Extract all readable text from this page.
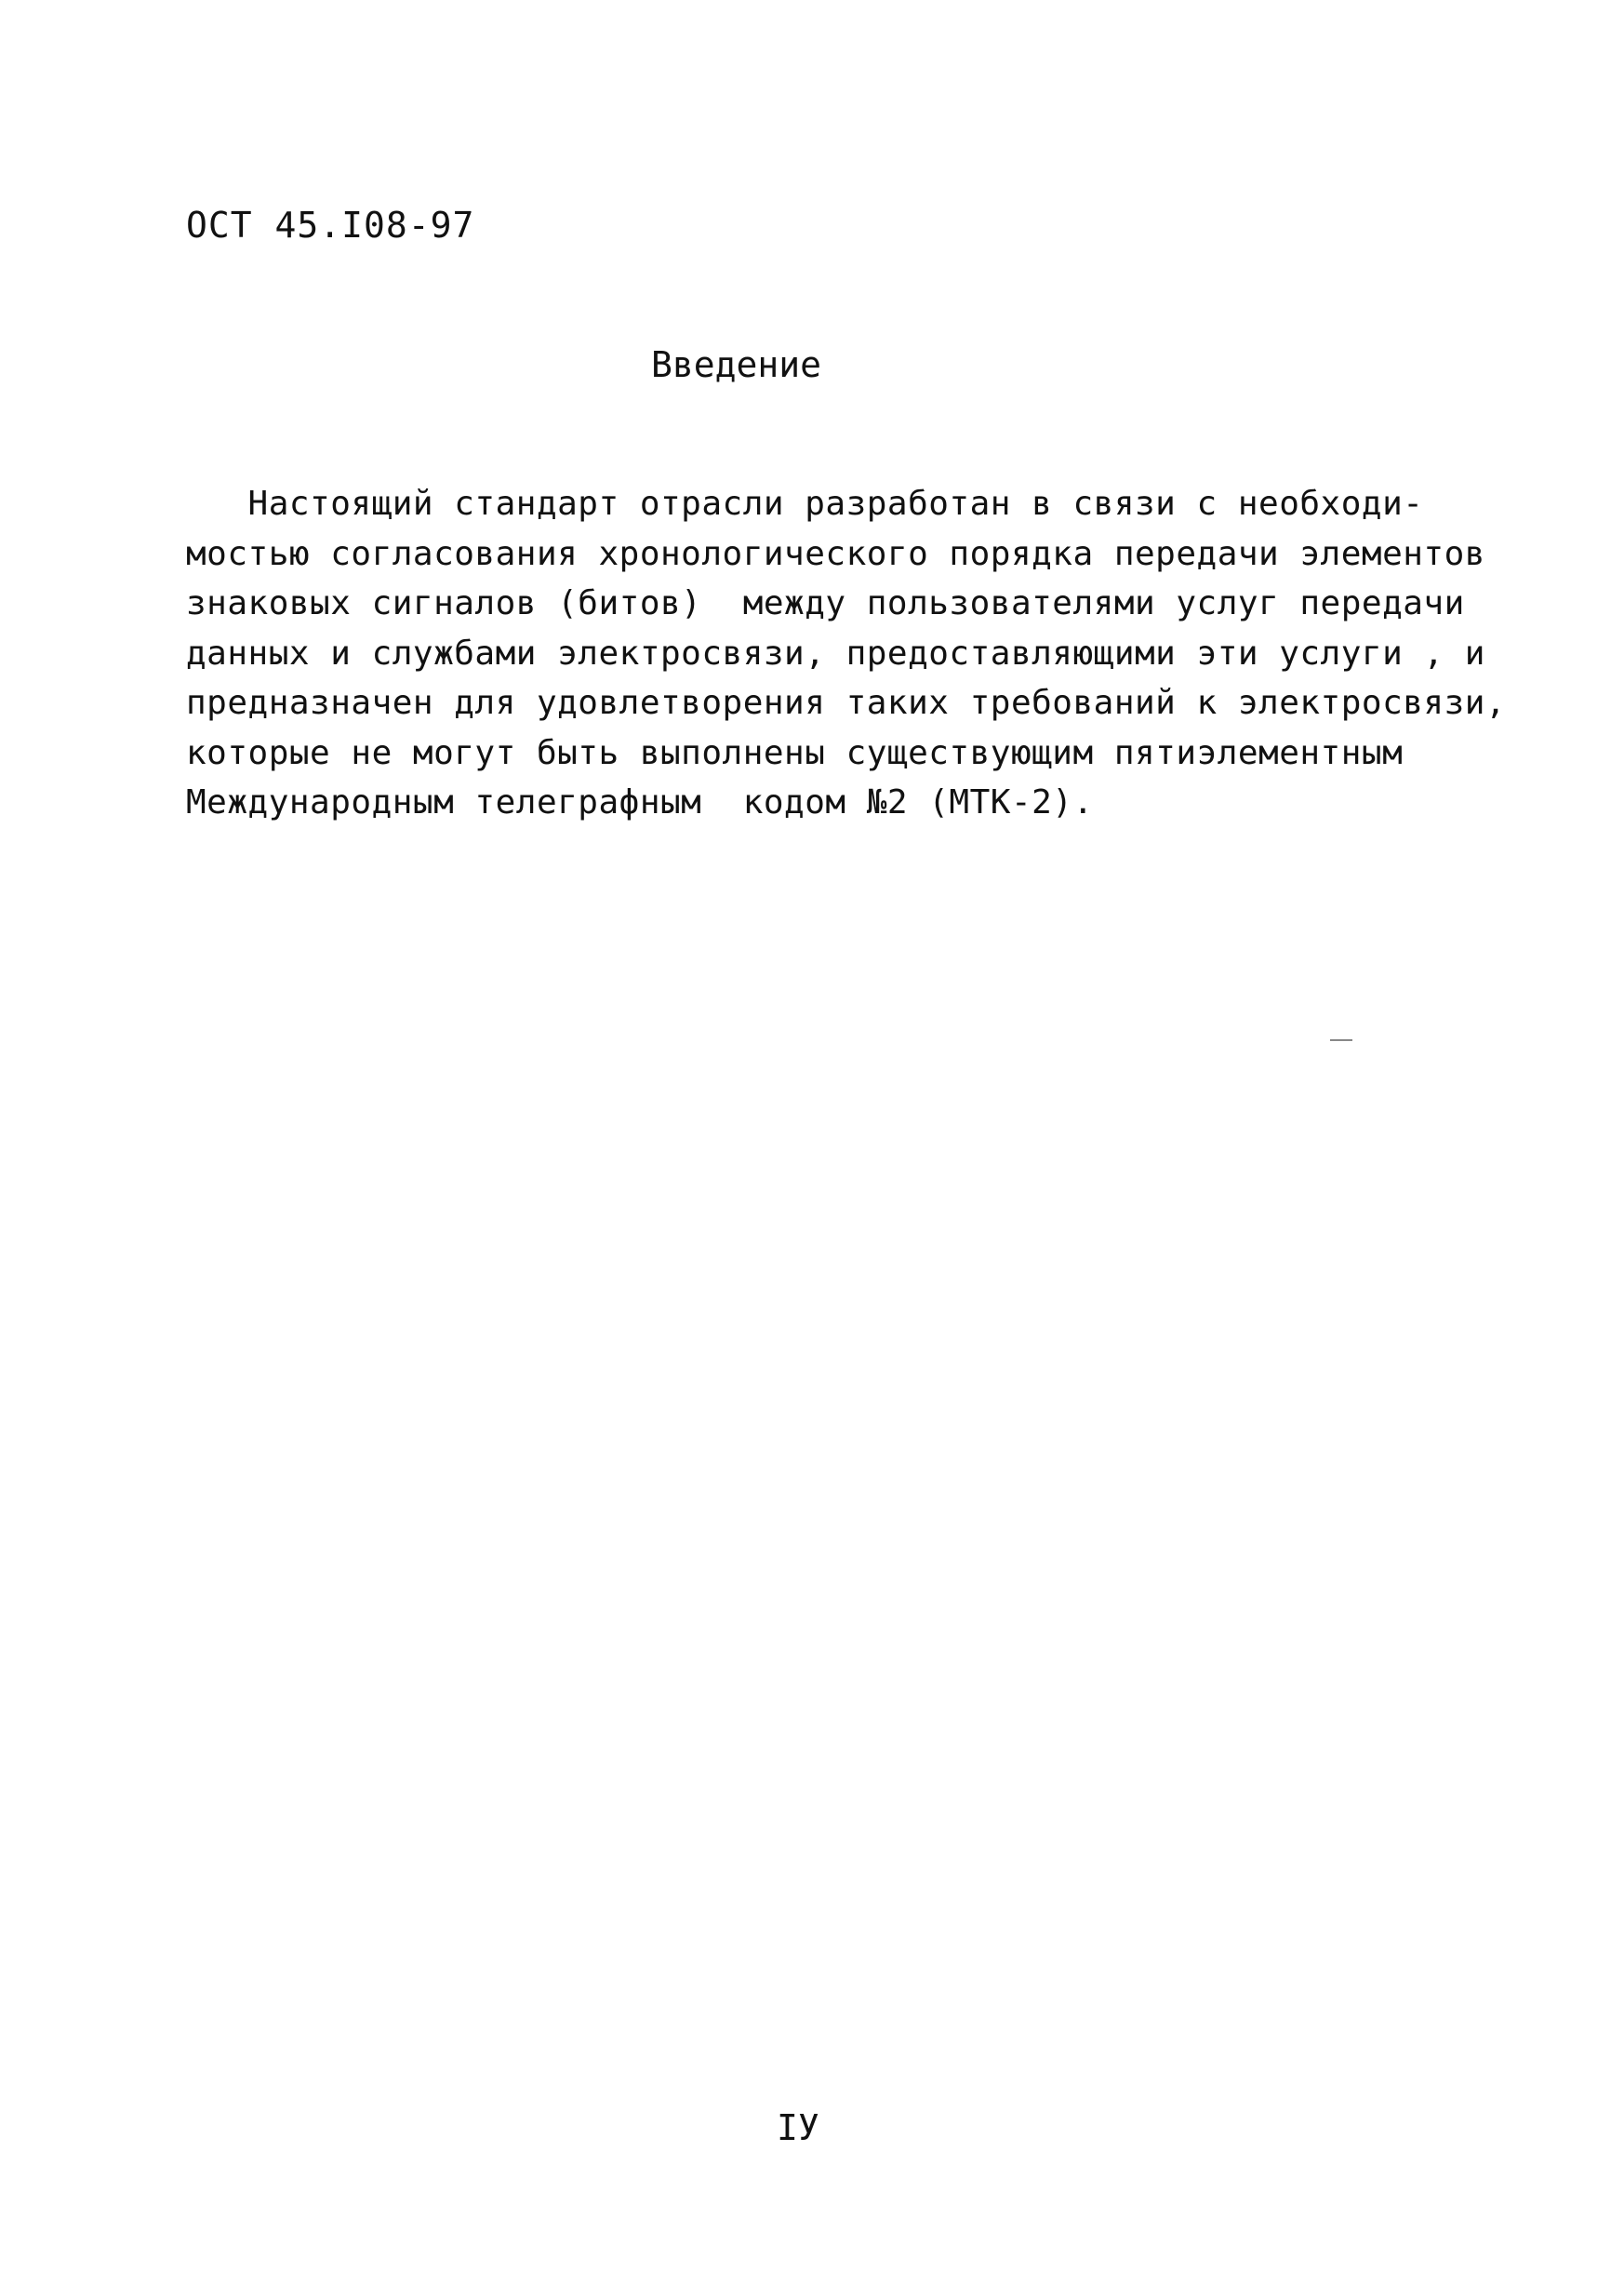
ОСТ 45.I08-97
Введение
Настоящий стандарт отрасли разработан в связи с необходи-
мостью согласования хронологического порядка передачи элементов
знаковых сигналов (битов)  между пользователями услуг передачи
данных и службами электросвязи, предоставляющими эти услуги , и
предназначен для удовлетворения таких требований к электросвязи,
которые не могут быть выполнены существующим пятиэлементным
Международным телеграфным  кодом №2 (МТК-2).
IУ
